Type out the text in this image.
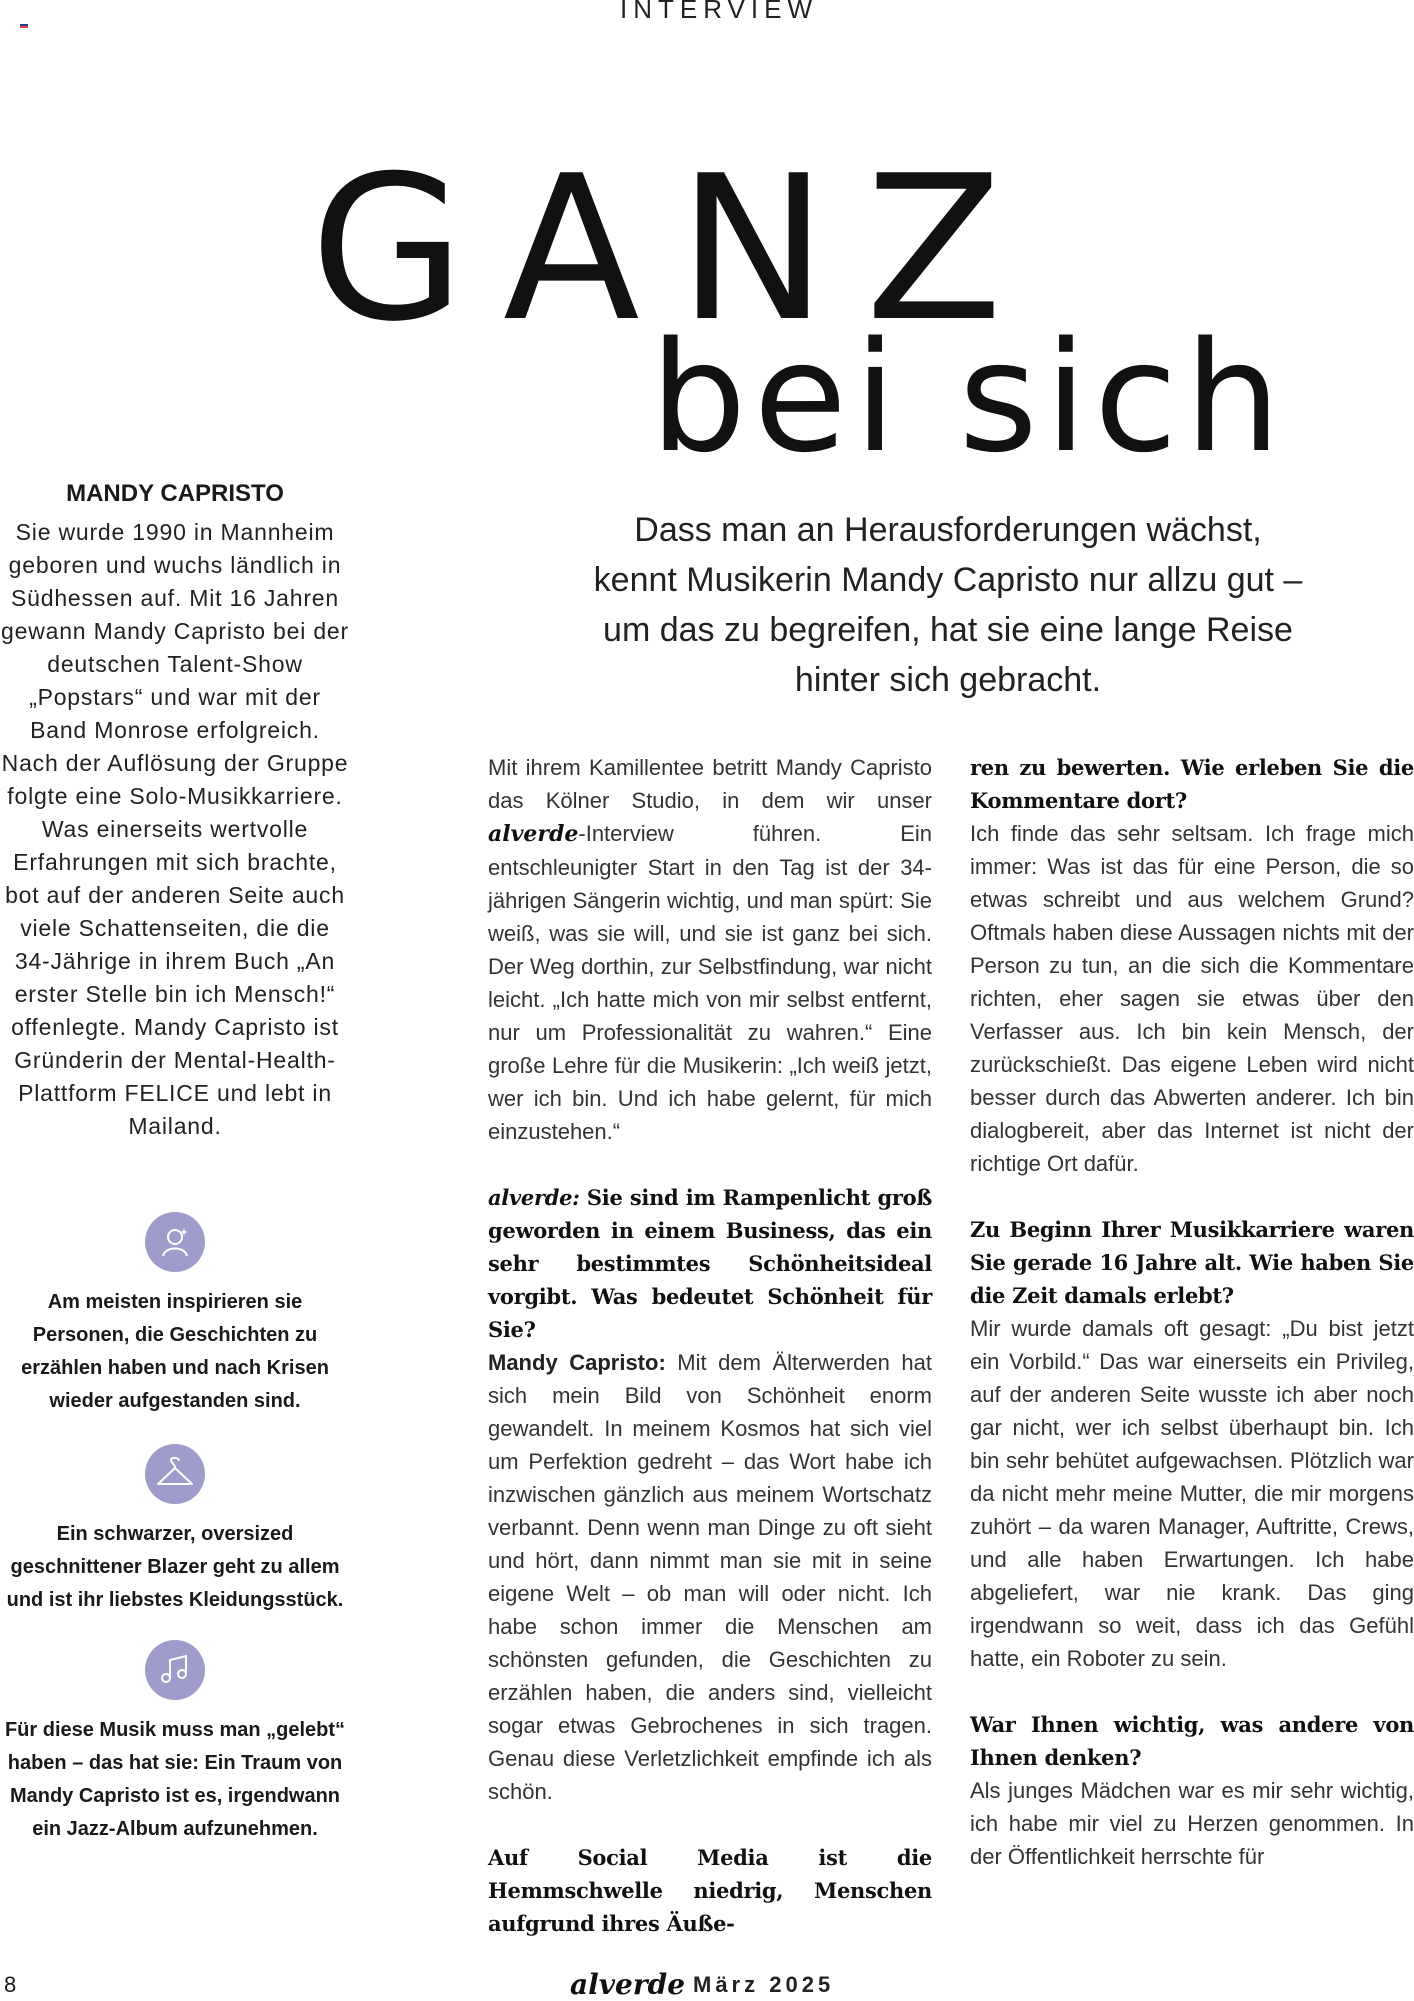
INTERVIEW
GANZ
bei sich
Dass man an Herausforderungen wächst, kennt Musikerin Mandy Capristo nur allzu gut – um das zu begreifen, hat sie eine lange Reise hinter sich gebracht.
MANDY CAPRISTO
Sie wurde 1990 in Mannheim geboren und wuchs ländlich in Südhessen auf. Mit 16 Jahren gewann Mandy Capristo bei der deutschen Talent-Show „Popstars“ und war mit der Band Monrose erfolgreich. Nach der Auflösung der Gruppe folgte eine Solo-Musikkarriere. Was einerseits wertvolle Erfahrungen mit sich brachte, bot auf der anderen Seite auch viele Schattenseiten, die die 34-Jährige in ihrem Buch „An erster Stelle bin ich Mensch!“ offenlegte. Mandy Capristo ist Gründerin der Mental-Health-Plattform FELICE und lebt in Mailand.
Am meisten inspirieren sie Personen, die Geschichten zu erzählen haben und nach Krisen wieder aufgestanden sind.
Ein schwarzer, oversized geschnittener Blazer geht zu allem und ist ihr liebstes Kleidungsstück.
Für diese Musik muss man „gelebt“ haben – das hat sie: Ein Traum von Mandy Capristo ist es, irgendwann ein Jazz-Album aufzunehmen.

Mit ihrem Kamillentee betritt Mandy Capristo das Kölner Studio, in dem wir unser alverde-Interview führen. Ein entschleunigter Start in den Tag ist der 34-jährigen Sängerin wichtig, und man spürt: Sie weiß, was sie will, und sie ist ganz bei sich. Der Weg dorthin, zur Selbstfindung, war nicht leicht. „Ich hatte mich von mir selbst entfernt, nur um Professionalität zu wahren.“ Eine große Lehre für die Musikerin: „Ich weiß jetzt, wer ich bin. Und ich habe gelernt, für mich einzustehen.“

alverde: Sie sind im Rampenlicht groß geworden in einem Business, das ein sehr bestimmtes Schönheitsideal vorgibt. Was bedeutet Schönheit für Sie?

Mandy Capristo: Mit dem Älterwerden hat sich mein Bild von Schönheit enorm gewandelt. In meinem Kosmos hat sich viel um Perfektion gedreht – das Wort habe ich inzwischen gänzlich aus meinem Wortschatz verbannt. Denn wenn man Dinge zu oft sieht und hört, dann nimmt man sie mit in seine eigene Welt – ob man will oder nicht. Ich habe schon immer die Menschen am schönsten gefunden, die Geschichten zu erzählen haben, die anders sind, vielleicht sogar etwas Gebrochenes in sich tragen. Genau diese Verletzlichkeit empfinde ich als schön.

Auf Social Media ist die Hemmschwelle niedrig, Menschen aufgrund ihres Äuße-

ren zu bewerten. Wie erleben Sie die Kommentare dort?

Ich finde das sehr seltsam. Ich frage mich immer: Was ist das für eine Person, die so etwas schreibt und aus welchem Grund? Oftmals haben diese Aussagen nichts mit der Person zu tun, an die sich die Kommentare richten, eher sagen sie etwas über den Verfasser aus. Ich bin kein Mensch, der zurückschießt. Das eigene Leben wird nicht besser durch das Abwerten anderer. Ich bin dialogbereit, aber das Internet ist nicht der richtige Ort dafür.

Zu Beginn Ihrer Musikkarriere waren Sie gerade 16 Jahre alt. Wie haben Sie die Zeit damals erlebt?

Mir wurde damals oft gesagt: „Du bist jetzt ein Vorbild.“ Das war einerseits ein Privileg, auf der anderen Seite wusste ich aber noch gar nicht, wer ich selbst überhaupt bin. Ich bin sehr behütet aufgewachsen. Plötzlich war da nicht mehr meine Mutter, die mir morgens zuhört – da waren Manager, Auftritte, Crews, und alle haben Erwartungen. Ich habe abgeliefert, war nie krank. Das ging irgendwann so weit, dass ich das Gefühl hatte, ein Roboter zu sein.

War Ihnen wichtig, was andere von Ihnen denken?

Als junges Mädchen war es mir sehr wichtig, ich habe mir viel zu Herzen genommen. In der Öffentlichkeit herrschte für

8	alverde März 2025
